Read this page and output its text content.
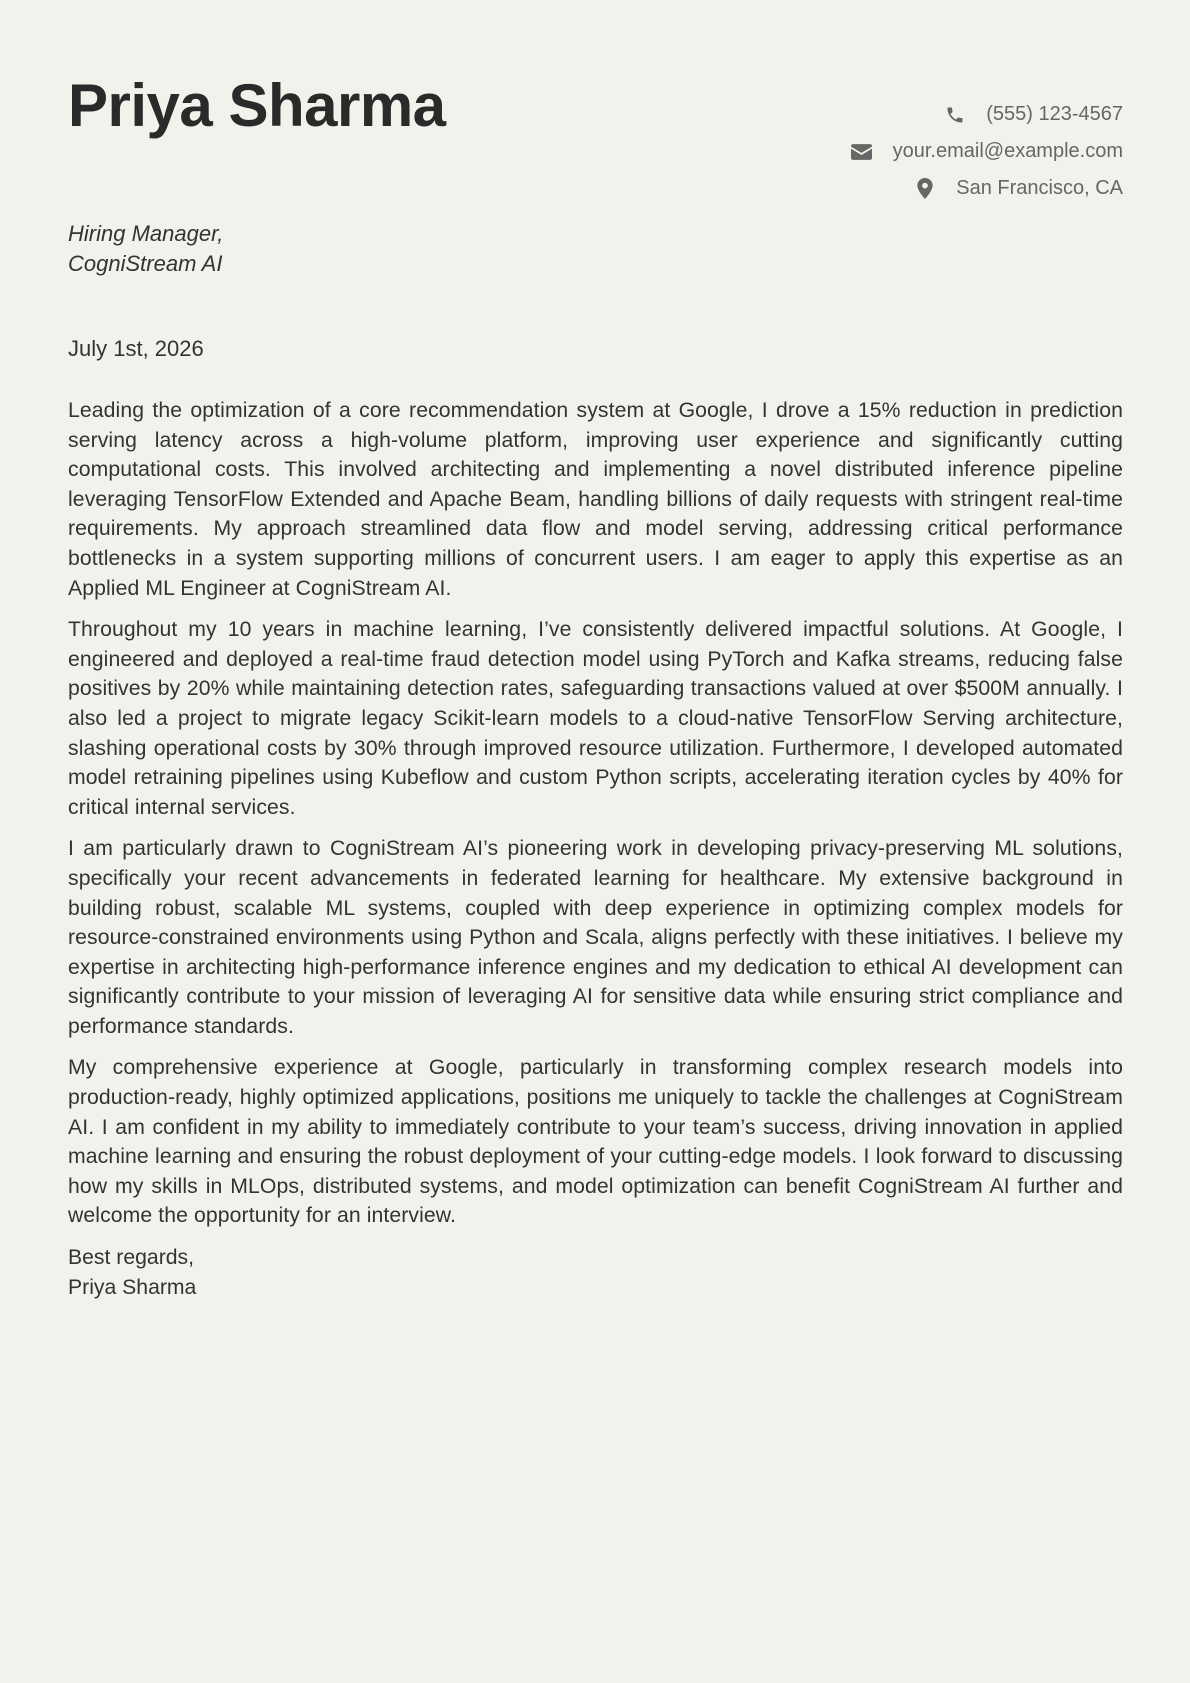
Priya Sharma	(555) 123-4567
your.email@example.com
San Francisco, CA
Hiring Manager,
CogniStream AI
July 1st, 2026

Leading the optimization of a core recommendation system at Google, I drove a 15% reduction in prediction serving latency across a high-volume platform, improving user experience and significantly cutting computational costs. This involved architecting and implementing a novel distributed inference pipeline leveraging TensorFlow Extended and Apache Beam, handling billions of daily requests with stringent real-time requirements. My approach streamlined data flow and model serving, addressing critical performance bottlenecks in a system supporting millions of concurrent users. I am eager to apply this expertise as an Applied ML Engineer at CogniStream AI.

Throughout my 10 years in machine learning, I’ve consistently delivered impactful solutions. At Google, I engineered and deployed a real-time fraud detection model using PyTorch and Kafka streams, reducing false positives by 20% while maintaining detection rates, safeguarding transactions valued at over $500M annually. I also led a project to migrate legacy Scikit-learn models to a cloud-native TensorFlow Serving architecture, slashing operational costs by 30% through improved resource utilization. Furthermore, I developed automated model retraining pipelines using Kubeflow and custom Python scripts, accelerating iteration cycles by 40% for critical internal services.

I am particularly drawn to CogniStream AI’s pioneering work in developing privacy-preserving ML solutions, specifically your recent advancements in federated learning for healthcare. My extensive background in building robust, scalable ML systems, coupled with deep experience in optimizing complex models for resource-constrained environments using Python and Scala, aligns perfectly with these initiatives. I believe my expertise in architecting high-performance inference engines and my dedication to ethical AI development can significantly contribute to your mission of leveraging AI for sensitive data while ensuring strict compliance and performance standards.

My comprehensive experience at Google, particularly in transforming complex research models into production-ready, highly optimized applications, positions me uniquely to tackle the challenges at CogniStream AI. I am confident in my ability to immediately contribute to your team’s success, driving innovation in applied machine learning and ensuring the robust deployment of your cutting-edge models. I look forward to discussing how my skills in MLOps, distributed systems, and model optimization can benefit CogniStream AI further and welcome the opportunity for an interview.

Best regards,
Priya Sharma
